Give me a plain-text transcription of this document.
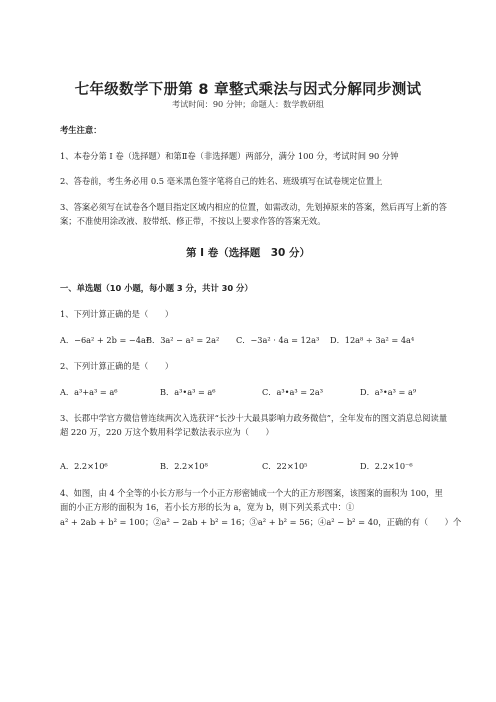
七年级数学下册第 8 章整式乘法与因式分解同步测试
考试时间：90 分钟；命题人：数学教研组
考生注意：
1、本卷分第 I 卷（选择题）和第Ⅱ卷（非选择题）两部分，满分 100 分，考试时间 90 分钟
2、答卷前，考生务必用 0.5 毫米黑色签字笔将自己的姓名、班级填写在试卷规定位置上
3、答案必须写在试卷各个题目指定区域内相应的位置，如需改动，先划掉原来的答案，然后再写上新的答案；不准使用涂改液、胶带纸、修正带，不按以上要求作答的答案无效。
第 I 卷（选择题　30 分）
一、单选题（10 小题，每小题 3 分，共计 30 分）
1、下列计算正确的是（　　）
A．−6a² + 2b = −4a²
B．3a² − a² = 2a² C．−3a² · 4a = 12a³ D．12a⁸ ÷ 3a² = 4a⁴
2、下列计算正确的是（　　）
A．a³+a³ = a⁶	B．a³•a³ = a⁶	C．a³•a³ = 2a³	D．a³•a³ = a⁹
3、长郡中学官方微信曾连续两次入选获评“长沙十大最具影响力政务微信”，全年发布的图文消息总阅读量超 220 万，220 万这个数用科学记数法表示应为（　　）
A．2.2×10⁶	B．2.2×10⁸	C．22×10⁵	D．2.2×10⁻⁶
4、如图，由 4 个全等的小长方形与一个小正方形密铺成一个大的正方形图案，该图案的面积为 100，里面的小正方形的面积为 16，若小长方形的长为 a，宽为 b，则下列关系式中：①
a² + 2ab + b² = 100；②a² − 2ab + b² = 16；③a² + b² = 56；④a² − b² = 40，正确的有（　　）个
